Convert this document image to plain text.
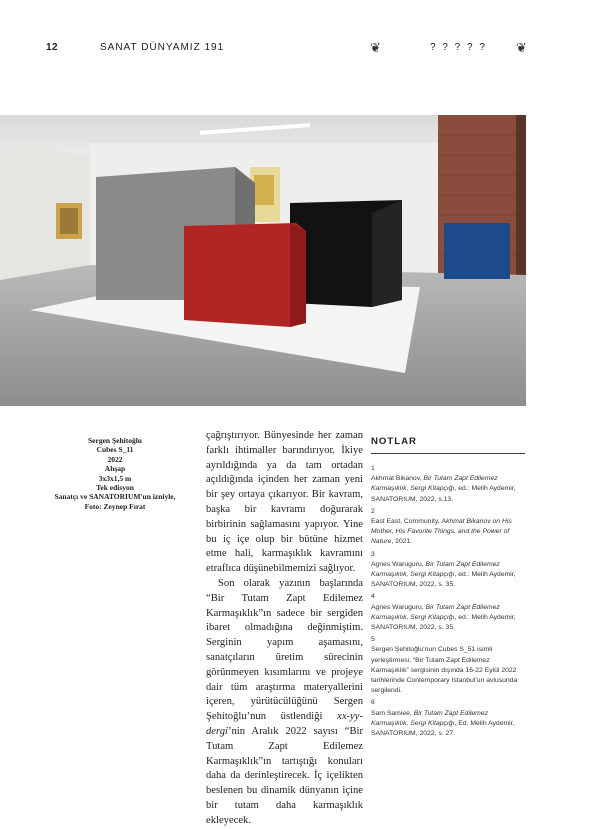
12	SANAT DÜNYAMIZ 191	❦	? ? ? ? ? ❦
Sergen Şehitoğlu
Cubes S_11
2022
Ahşap
3x3x1,5 m
Tek edisyon
Sanatçı ve SANATORIUM'un izniyle,
Foto: Zeynep Fırat

çağrıştırıyor. Bünyesinde her zaman farklı ihtimaller barındırıyor. İkiye ayrıldığında ya da tam ortadan açıldığında içinden her zaman yeni bir şey ortaya çıkarıyor. Bir kavram, başka bir kavramı doğurarak birbirinin sağlamasını yapıyor. Yine bu iç içe olup bir bütüne hizmet etme hali, karmaşıklık kavramını etraflıca düşünebilmemizi sağlıyor.

Son olarak yazının başlarında “Bir Tutam Zapt Edilemez Karmaşıklık”ın sadece bir sergiden ibaret olmadığına değinmiştim. Serginin yapım aşamasını, sanatçıların üretim sürecinin görünmeyen kısımlarını ve projeye dair tüm araştırma materyallerini içeren, yürütücülüğünü Sergen Şehitoğlu’nun üstlendiği xx-yy-dergi’nin Aralık 2022 sayısı “Bir Tutam Zapt Edilemez Karmaşıklık”ın tartıştığı konuları daha da derinleştirecek. İç içelikten beslenen bu dinamik dünyanın içine bir tutam daha karmaşıklık ekleyecek.

NOTLAR
1
Akhmat Bikanov, Bir Tutam Zapt Edilemez Karmaşıklık, Sergi Kitapçığı, ed.: Melih Aydemir, SANATORIUM, 2022, s.13.
2
East East, Community, Akhmat Bikanov on His Mother, His Favorite Things, and the Power of Nature, 2021.
3
Agnes Waruguru, Bir Tutam Zapt Edilemez Karmaşıklık, Sergi Kitapçığı, ed.: Melih Aydemir, SANATORIUM, 2022, s. 35.
4
Agnes Waruguru, Bir Tutam Zapt Edilemez Karmaşıklık, Sergi Kitapçığı, ed.: Melih Aydemir, SANATORIUM, 2022, s. 35.
5
Sergen Şehitoğlu’nun Cubes S_51 isimli yerleştirmesi, “Bir Tutam Zapt Edilemez Karmaşıklık” sergisinin dışında 16-22 Eylül 2022 tarihlerinde Contemporary Istanbul’un avlusunda sergilendi.
6
Sam Samiee, Bir Tutam Zapt Edilemez Karmaşıklık, Sergi Kitapçığı, Ed. Melih Aydemir, SANATORIUM, 2022, s. 27.
